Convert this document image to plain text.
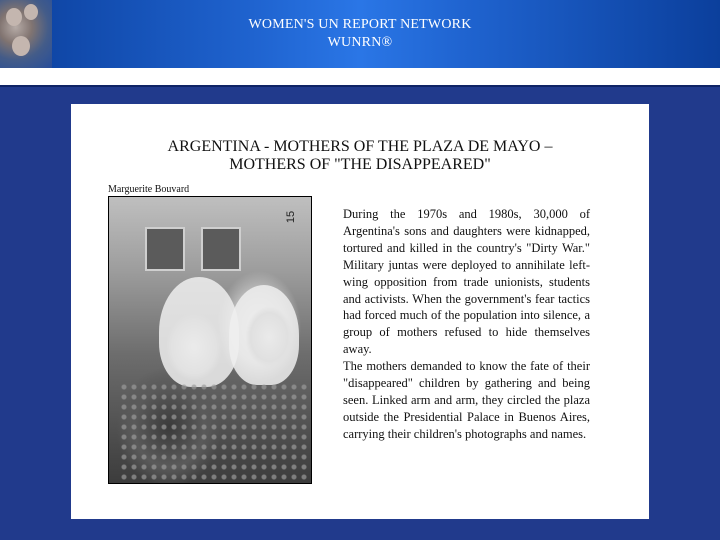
WOMEN'S UN REPORT NETWORK
WUNRN®
ARGENTINA - MOTHERS OF THE PLAZA DE MAYO –
MOTHERS OF "THE DISAPPEARED"
Marguerite Bouvard
15	During the 1970s and 1980s, 30,000 of Argentina's sons and daughters were kidnapped, tortured and killed in the country's "Dirty War." Military juntas were deployed to annihilate left-wing opposition from trade unionists, students and activists. When the government's fear tactics had forced much of the population into silence, a group of mothers refused to hide themselves away.

The mothers demanded to know the fate of their "disappeared" children by gathering and being seen. Linked arm and arm, they circled the plaza outside the Presidential Palace in Buenos Aires, carrying their children's photographs and names.
